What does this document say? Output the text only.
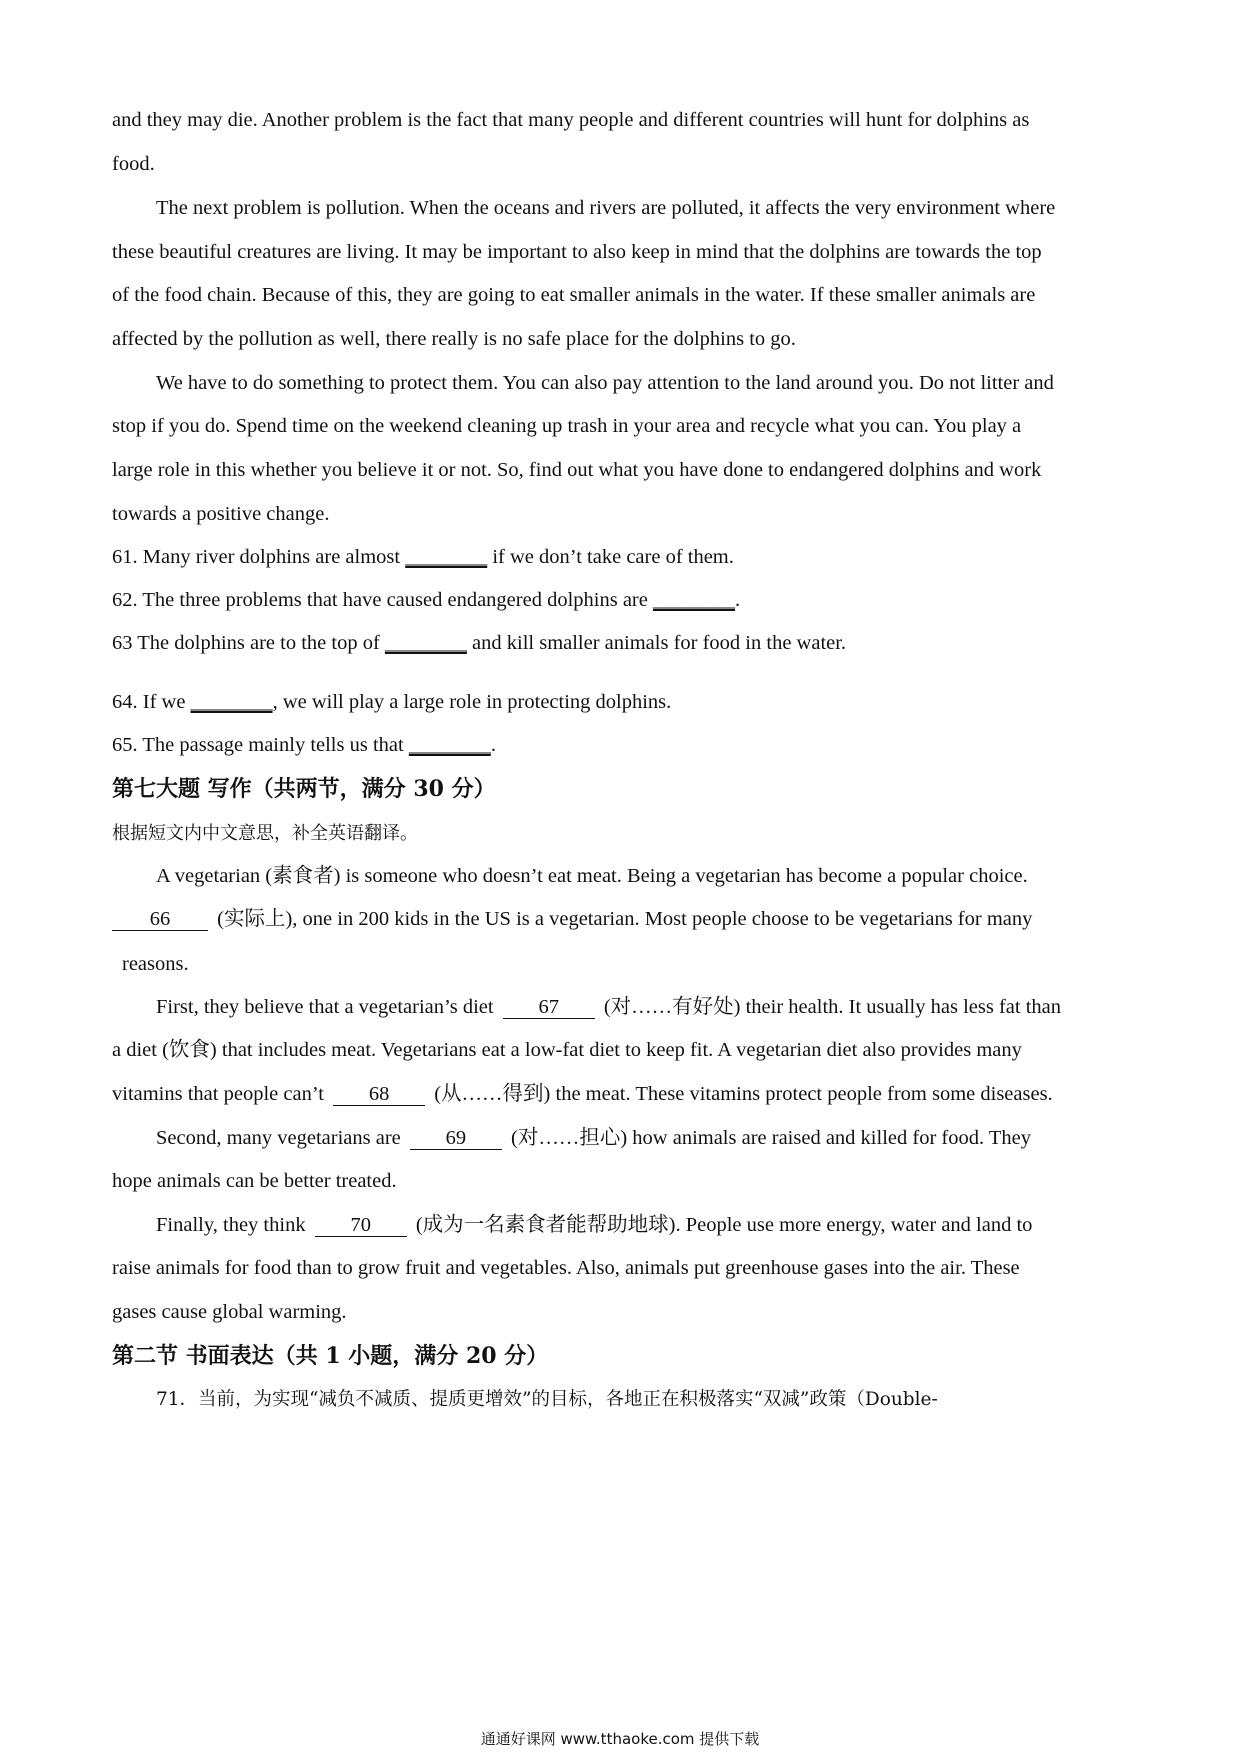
and they may die. Another problem is the fact that many people and different countries will hunt for dolphins as
food.
The next problem is pollution. When the oceans and rivers are polluted, it affects the very environment where
these beautiful creatures are living. It may be important to also keep in mind that the dolphins are towards the top
of the food chain. Because of this, they are going to eat smaller animals in the water. If these smaller animals are
affected by the pollution as well, there really is no safe place for the dolphins to go.
We have to do something to protect them. You can also pay attention to the land around you. Do not litter and
stop if you do. Spend time on the weekend cleaning up trash in your area and recycle what you can. You play a
large role in this whether you believe it or not. So, find out what you have done to endangered dolphins and work
towards a positive change.
61. Many river dolphins are almost ________ if we don’t take care of them.
62. The three problems that have caused endangered dolphins are ________.
63 The dolphins are to the top of ________ and kill smaller animals for food in the water.
64. If we ________, we will play a large role in protecting dolphins.
65. The passage mainly tells us that ________.
第七大题 写作（共两节，满分 30 分）
根据短文内中文意思，补全英语翻译。
A vegetarian (素食者) is someone who doesn’t eat meat. Being a vegetarian has become a popular choice.
66 (实际上), one in 200 kids in the US is a vegetarian. Most people choose to be vegetarians for many
reasons.
First, they believe that a vegetarian’s diet 67 (对……有好处) their health. It usually has less fat than
a diet (饮食) that includes meat. Vegetarians eat a low-fat diet to keep fit. A vegetarian diet also provides many
vitamins that people can’t 68 (从……得到) the meat. These vitamins protect people from some diseases.
Second, many vegetarians are 69 (对……担心) how animals are raised and killed for food. They
hope animals can be better treated.
Finally, they think 70 (成为一名素食者能帮助地球). People use more energy, water and land to
raise animals for food than to grow fruit and vegetables. Also, animals put greenhouse gases into the air. These
gases cause global warming.
第二节 书面表达（共 1 小题，满分 20 分）
71．当前，为实现“减负不减质、提质更增效”的目标，各地正在积极落实“双减”政策（Double-
通通好课网 www.tthaoke.com 提供下载
